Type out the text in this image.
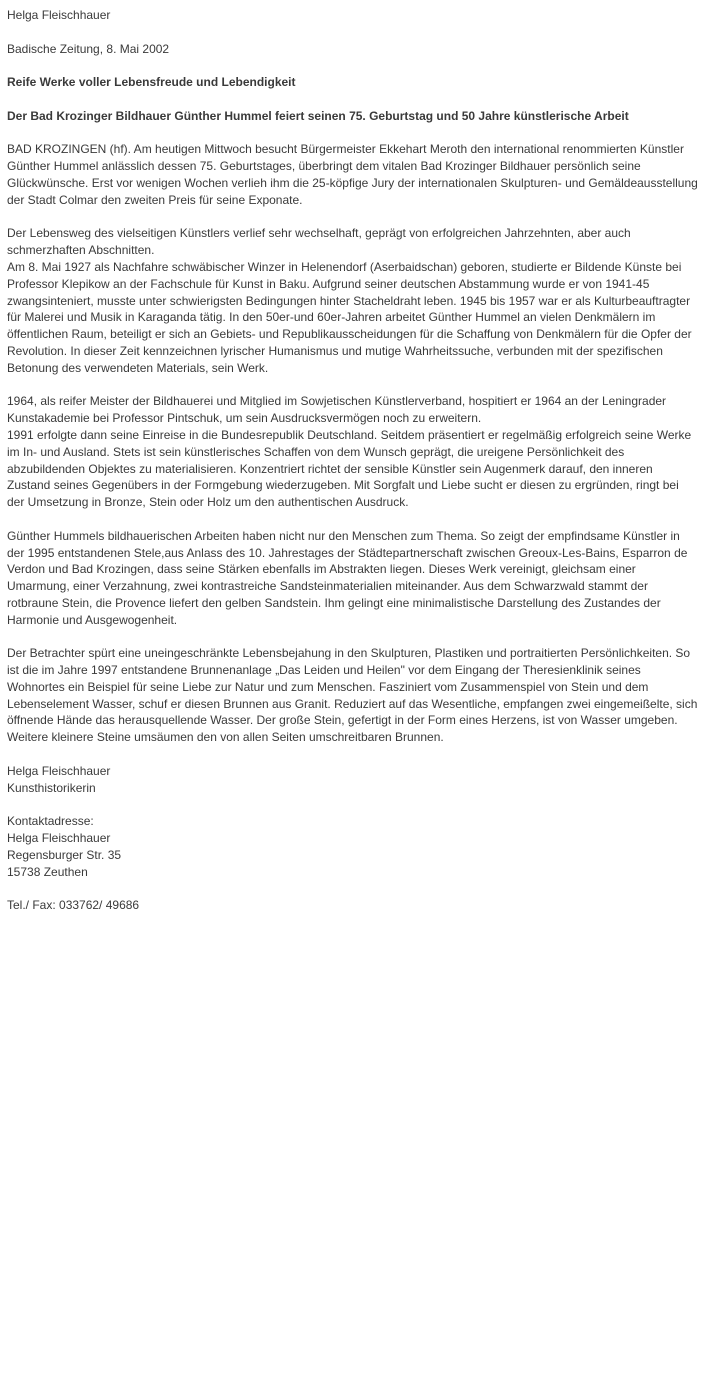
Helga Fleischhauer

Badische Zeitung, 8. Mai 2002

Reife Werke voller Lebensfreude und Lebendigkeit

Der Bad Krozinger Bildhauer Günther Hummel feiert seinen 75. Geburtstag und 50 Jahre künstlerische Arbeit

BAD KROZINGEN (hf). Am heutigen Mittwoch besucht Bürgermeister Ekkehart Meroth den international renommierten Künstler Günther Hummel anlässlich dessen 75. Geburtstages, überbringt dem vitalen Bad Krozinger Bildhauer persönlich seine Glückwünsche. Erst vor wenigen Wochen verlieh ihm die 25-köpfige Jury der internationalen Skulpturen- und Gemäldeausstellung der Stadt Colmar den zweiten Preis für seine Exponate.

Der Lebensweg des vielseitigen Künstlers verlief sehr wechselhaft, geprägt von erfolgreichen Jahrzehnten, aber auch schmerzhaften Abschnitten.
Am 8. Mai 1927 als Nachfahre schwäbischer Winzer in Helenendorf (Aserbaidschan) geboren, studierte er Bildende Künste bei Professor Klepikow an der Fachschule für Kunst in Baku. Aufgrund seiner deutschen Abstammung wurde er von 1941-45 zwangsinteniert, musste unter schwierigsten Bedingungen hinter Stacheldraht leben. 1945 bis 1957 war er als Kulturbeauftragter für Malerei und Musik in Karaganda tätig. In den 50er-und 60er-Jahren arbeitet Günther Hummel an vielen Denkmälern im öffentlichen Raum, beteiligt er sich an Gebiets- und Republikausscheidungen für die Schaffung von Denkmälern für die Opfer der Revolution. In dieser Zeit kennzeichnen lyrischer Humanismus und mutige Wahrheitssuche, verbunden mit der spezifischen Betonung des verwendeten Materials, sein Werk.

1964, als reifer Meister der Bildhauerei und Mitglied im Sowjetischen Künstlerverband, hospitiert er 1964 an der Leningrader Kunstakademie bei Professor Pintschuk, um sein Ausdrucksvermögen noch zu erweitern.
1991 erfolgte dann seine Einreise in die Bundesrepublik Deutschland. Seitdem präsentiert er regelmäßig erfolgreich seine Werke im In- und Ausland. Stets ist sein künstlerisches Schaffen von dem Wunsch geprägt, die ureigene Persönlichkeit des abzubildenden Objektes zu materialisieren. Konzentriert richtet der sensible Künstler sein Augenmerk darauf, den inneren Zustand seines Gegenübers in der Formgebung wiederzugeben. Mit Sorgfalt und Liebe sucht er diesen zu ergründen, ringt bei der Umsetzung in Bronze, Stein oder Holz um den authentischen Ausdruck.

Günther Hummels bildhauerischen Arbeiten haben nicht nur den Menschen zum Thema. So zeigt der empfindsame Künstler in der 1995 entstandenen Stele,aus Anlass des 10. Jahrestages der Städtepartnerschaft zwischen Greoux-Les-Bains, Esparron de Verdon und Bad Krozingen, dass seine Stärken ebenfalls im Abstrakten liegen. Dieses Werk vereinigt, gleichsam einer Umarmung, einer Verzahnung, zwei kontrastreiche Sandsteinmaterialien miteinander. Aus dem Schwarzwald stammt der rotbraune Stein, die Provence liefert den gelben Sandstein. Ihm gelingt eine minimalistische Darstellung des Zustandes der Harmonie und Ausgewogenheit.

Der Betrachter spürt eine uneingeschränkte Lebensbejahung in den Skulpturen, Plastiken und portraitierten Persönlichkeiten. So ist die im Jahre 1997 entstandene Brunnenanlage „Das Leiden und Heilen" vor dem Eingang der Theresienklinik seines Wohnortes ein Beispiel für seine Liebe zur Natur und zum Menschen. Fasziniert vom Zusammenspiel von Stein und dem Lebenselement Wasser, schuf er diesen Brunnen aus Granit. Reduziert auf das Wesentliche, empfangen zwei eingemeißelte, sich öffnende Hände das herausquellende Wasser. Der große Stein, gefertigt in der Form eines Herzens, ist von Wasser umgeben. Weitere kleinere Steine umsäumen den von allen Seiten umschreitbaren Brunnen.

Helga Fleischhauer

Kunsthistorikerin

Kontaktadresse:

Helga Fleischhauer

Regensburger Str. 35

15738 Zeuthen

Tel./ Fax: 033762/ 49686
